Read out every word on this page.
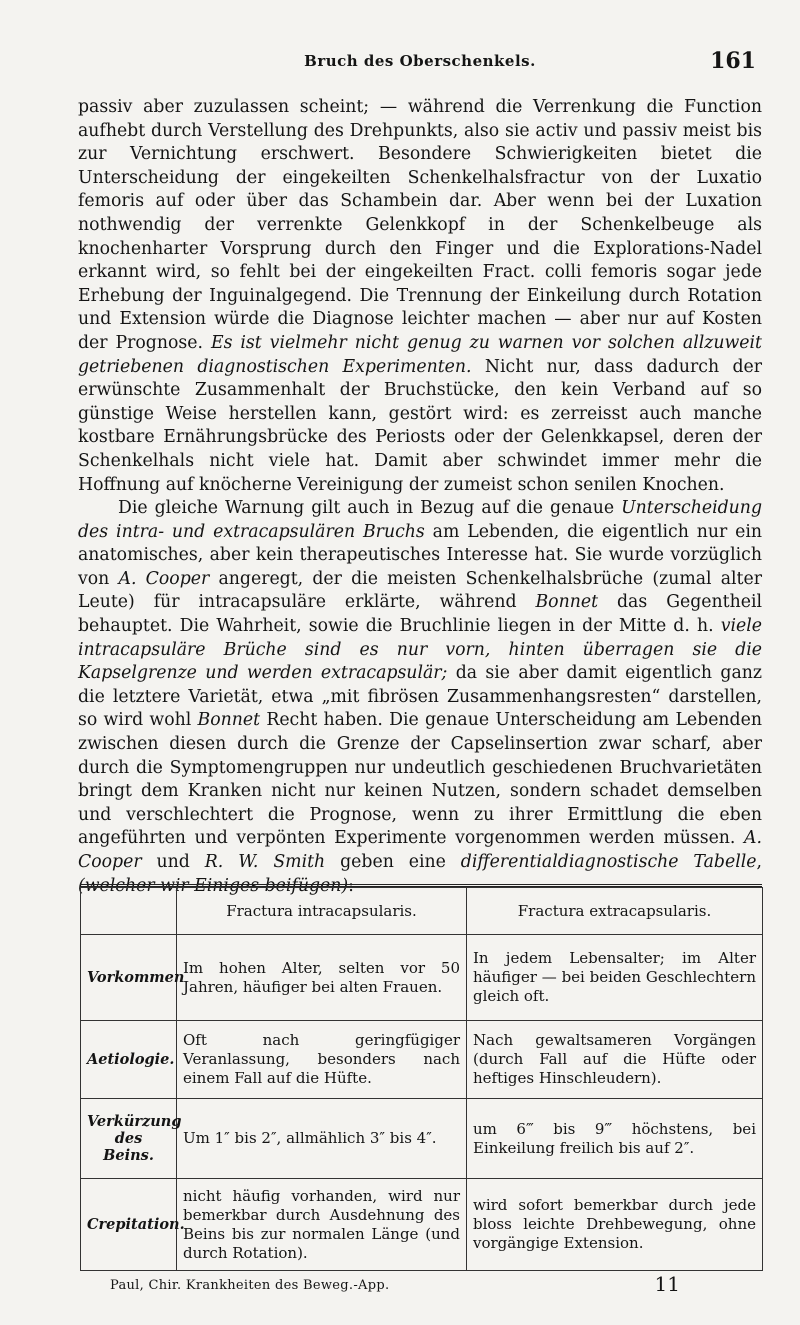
Bruch des Oberschenkels.	161

passiv aber zuzulassen scheint; — während die Verrenkung die Function aufhebt durch Verstellung des Drehpunkts, also sie activ und passiv meist bis zur Vernichtung erschwert. Besondere Schwierigkeiten bietet die Unterscheidung der eingekeilten Schenkelhalsfractur von der Luxatio femoris auf oder über das Schambein dar. Aber wenn bei der Luxation nothwendig der verrenkte Gelenkkopf in der Schenkelbeuge als knochenharter Vorsprung durch den Finger und die Explorations-Nadel erkannt wird, so fehlt bei der eingekeilten Fract. colli femoris sogar jede Erhebung der Inguinalgegend. Die Trennung der Einkeilung durch Rotation und Extension würde die Diagnose leichter machen — aber nur auf Kosten der Prognose. Es ist vielmehr nicht genug zu warnen vor solchen allzuweit getriebenen diagnostischen Experimenten. Nicht nur, dass dadurch der erwünschte Zusammenhalt der Bruchstücke, den kein Verband auf so günstige Weise herstellen kann, gestört wird: es zerreisst auch manche kostbare Ernährungsbrücke des Periosts oder der Gelenkkapsel, deren der Schenkelhals nicht viele hat. Damit aber schwindet immer mehr die Hoffnung auf knöcherne Vereinigung der zumeist schon senilen Knochen.

Die gleiche Warnung gilt auch in Bezug auf die genaue Unterscheidung des intra- und extracapsulären Bruchs am Lebenden, die eigentlich nur ein anatomisches, aber kein therapeutisches Interesse hat. Sie wurde vorzüglich von A. Cooper angeregt, der die meisten Schenkelhalsbrüche (zumal alter Leute) für intracapsuläre erklärte, während Bonnet das Gegentheil behauptet. Die Wahrheit, sowie die Bruchlinie liegen in der Mitte d. h. viele intracapsuläre Brüche sind es nur vorn, hinten überragen sie die Kapselgrenze und werden extracapsulär; da sie aber damit eigentlich ganz die letztere Varietät, etwa „mit fibrösen Zusammenhangsresten“ darstellen, so wird wohl Bonnet Recht haben. Die genaue Unterscheidung am Lebenden zwischen diesen durch die Grenze der Capselinsertion zwar scharf, aber durch die Symptomengruppen nur undeutlich geschiedenen Bruchvarietäten bringt dem Kranken nicht nur keinen Nutzen, sondern schadet demselben und verschlechtert die Prognose, wenn zu ihrer Ermittlung die eben angeführten und verpönten Experimente vorgenommen werden müssen. A. Cooper und R. W. Smith geben eine differentialdiagnostische Tabelle, (welcher wir Einiges beifügen):

	Fractura intracapsularis.	Fractura extracapsularis.
Vorkommen	Im hohen Alter, selten vor 50 Jahren, häufiger bei alten Frauen.	In jedem Lebensalter; im Alter häufiger — bei beiden Geschlechtern gleich oft.
Aetiologie.	Oft nach geringfügiger Veranlassung, besonders nach einem Fall auf die Hüfte.	Nach gewaltsameren Vorgängen (durch Fall auf die Hüfte oder heftiges Hinschleudern).
Verkürzung des Beins.	Um 1″ bis 2″, allmählich 3″ bis 4″.	um 6‴ bis 9‴ höchstens, bei Einkeilung freilich bis auf 2″.
Crepitation.	nicht häufig vorhanden, wird nur bemerkbar durch Ausdehnung des Beins bis zur normalen Länge (und durch Rotation).	wird sofort bemerkbar durch jede bloss leichte Drehbewegung, ohne vorgängige Extension.
Paul, Chir. Krankheiten des Beweg.-App.	11
